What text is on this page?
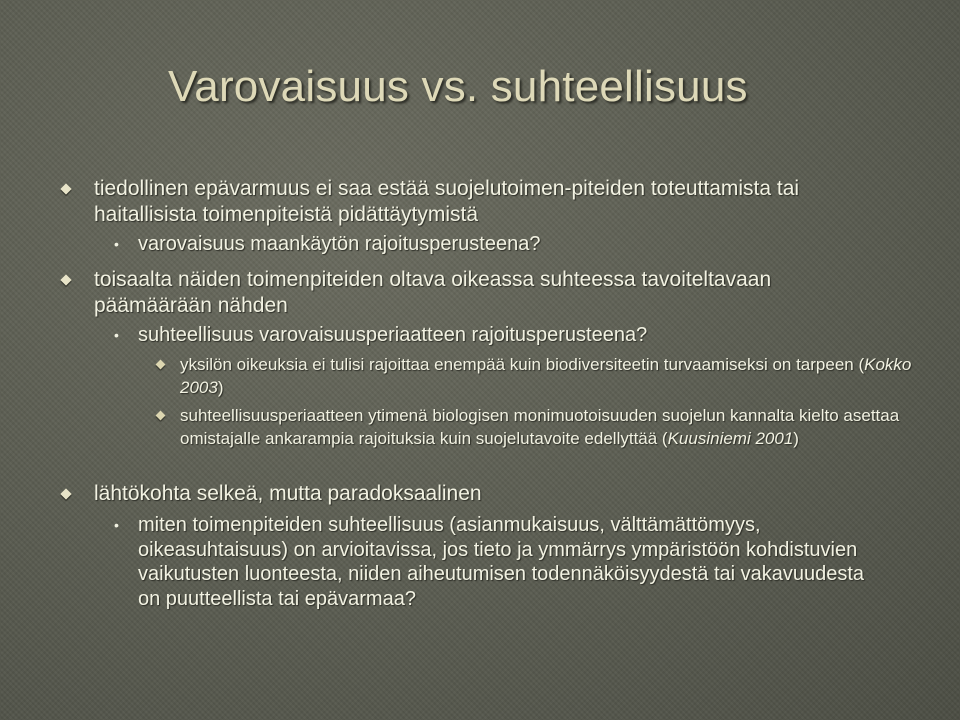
Varovaisuus vs. suhteellisuus
tiedollinen epävarmuus ei saa estää suojelutoimen-piteiden toteuttamista tai haitallisista toimenpiteistä pidättäytymistä
• varovaisuus maankäytön rajoitusperusteena?
toisaalta näiden toimenpiteiden oltava oikeassa suhteessa tavoiteltavaan päämäärään nähden
• suhteellisuus varovaisuusperiaatteen rajoitusperusteena?
yksilön oikeuksia ei tulisi rajoittaa enempää kuin biodiversiteetin turvaamiseksi on tarpeen (Kokko 2003)
suhteellisuusperiaatteen ytimenä biologisen monimuotoisuuden suojelun kannalta kielto asettaa omistajalle ankarampia rajoituksia kuin suojelutavoite edellyttää (Kuusiniemi 2001)
lähtökohta selkeä, mutta paradoksaalinen
• miten toimenpiteiden suhteellisuus (asianmukaisuus, välttämättömyys, oikeasuhtaisuus) on arvioitavissa, jos tieto ja ymmärrys ympäristöön kohdistuvien vaikutusten luonteesta, niiden aiheutumisen todennäköisyydestä tai vakavuudesta on puutteellista tai epävarmaa?
